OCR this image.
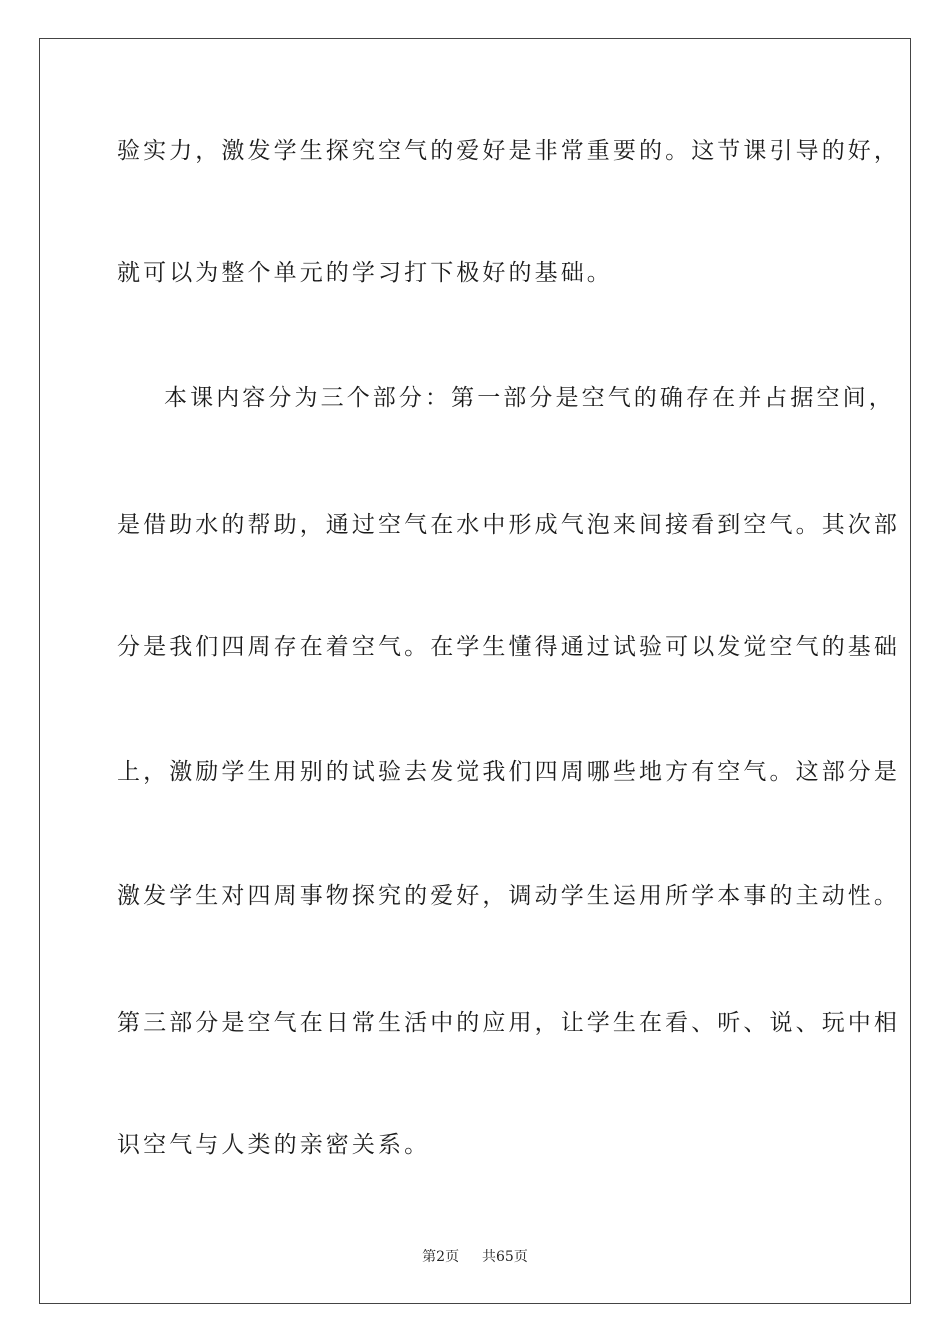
验实力，激发学生探究空气的爱好是非常重要的。这节课引导的好，
就可以为整个单元的学习打下极好的基础。
本课内容分为三个部分：第一部分是空气的确存在并占据空间，
是借助水的帮助，通过空气在水中形成气泡来间接看到空气。其次部
分是我们四周存在着空气。在学生懂得通过试验可以发觉空气的基础
上，激励学生用别的试验去发觉我们四周哪些地方有空气。这部分是
激发学生对四周事物探究的爱好，调动学生运用所学本事的主动性。
第三部分是空气在日常生活中的应用，让学生在看、听、说、玩中相
识空气与人类的亲密关系。
第2页 共65页
